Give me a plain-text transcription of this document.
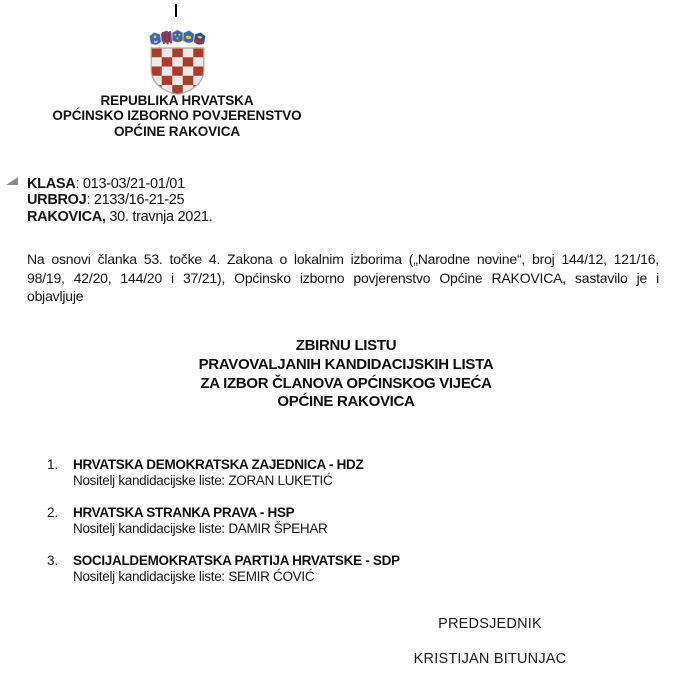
REPUBLIKA HRVATSKA
OPĆINSKO IZBORNO POVJERENSTVO
OPĆINE RAKOVICA
KLASA: 013-03/21-01/01
URBROJ: 2133/16-21-25
RAKOVICA, 30. travnja 2021.
Na osnovi članka 53. točke 4. Zakona o lokalnim izborima („Narodne novine“, broj 144/12, 121/16,
98/19, 42/20, 144/20 i 37/21), Općinsko izborno povjerenstvo Općine RAKOVICA, sastavilo je i
objavljuje
ZBIRNU LISTU
PRAVOVALJANIH KANDIDACIJSKIH LISTA
ZA IZBOR ČLANOVA OPĆINSKOG VIJEĆA
OPĆINE RAKOVICA
1.	HRVATSKA DEMOKRATSKA ZAJEDNICA - HDZ
Nositelj kandidacijske liste: ZORAN LUKETIĆ
2.	HRVATSKA STRANKA PRAVA - HSP
Nositelj kandidacijske liste: DAMIR ŠPEHAR
3.	SOCIJALDEMOKRATSKA PARTIJA HRVATSKE - SDP
Nositelj kandidacijske liste: SEMIR ĆOVIĆ
PREDSJEDNIK
KRISTIJAN BITUNJAC
